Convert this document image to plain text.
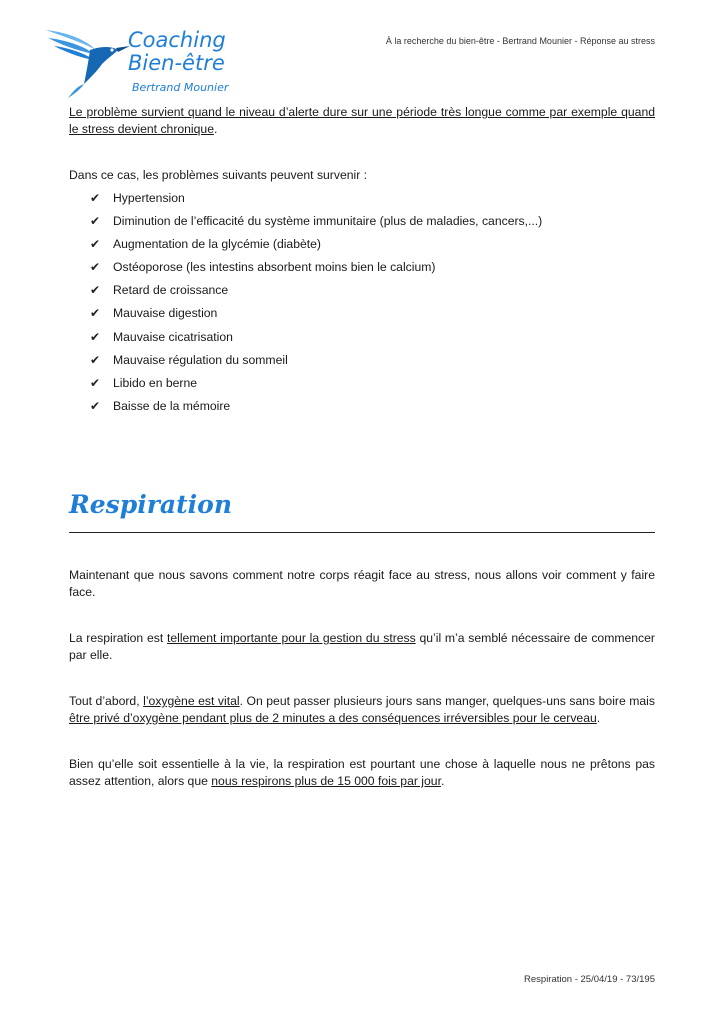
Coaching
Bien-être
Bertrand Mounier
À la recherche du bien-être - Bertrand Mounier - Réponse au stress

Le problème survient quand le niveau d’alerte dure sur une période très longue comme par exemple quand le stress devient chronique.

Dans ce cas, les problèmes suivants peuvent survenir :

✔	Hypertension
✔	Diminution de l’efficacité du système immunitaire (plus de maladies, cancers,...)
✔	Augmentation de la glycémie (diabète)
✔	Ostéoporose (les intestins absorbent moins bien le calcium)
✔	Retard de croissance
✔	Mauvaise digestion
✔	Mauvaise cicatrisation
✔	Mauvaise régulation du sommeil
✔	Libido en berne
✔	Baisse de la mémoire
Respiration

Maintenant que nous savons comment notre corps réagit face au stress, nous allons voir comment y faire face.

La respiration est tellement importante pour la gestion du stress qu’il m’a semblé nécessaire de commencer par elle.

Tout d’abord, l’oxygène est vital. On peut passer plusieurs jours sans manger, quelques-uns sans boire mais être privé d’oxygène pendant plus de 2 minutes a des conséquences irréversibles pour le cerveau.

Bien qu’elle soit essentielle à la vie, la respiration est pourtant une chose à laquelle nous ne prêtons pas assez attention, alors que nous respirons plus de 15 000 fois par jour.

Respiration - 25/04/19 - 73/195
